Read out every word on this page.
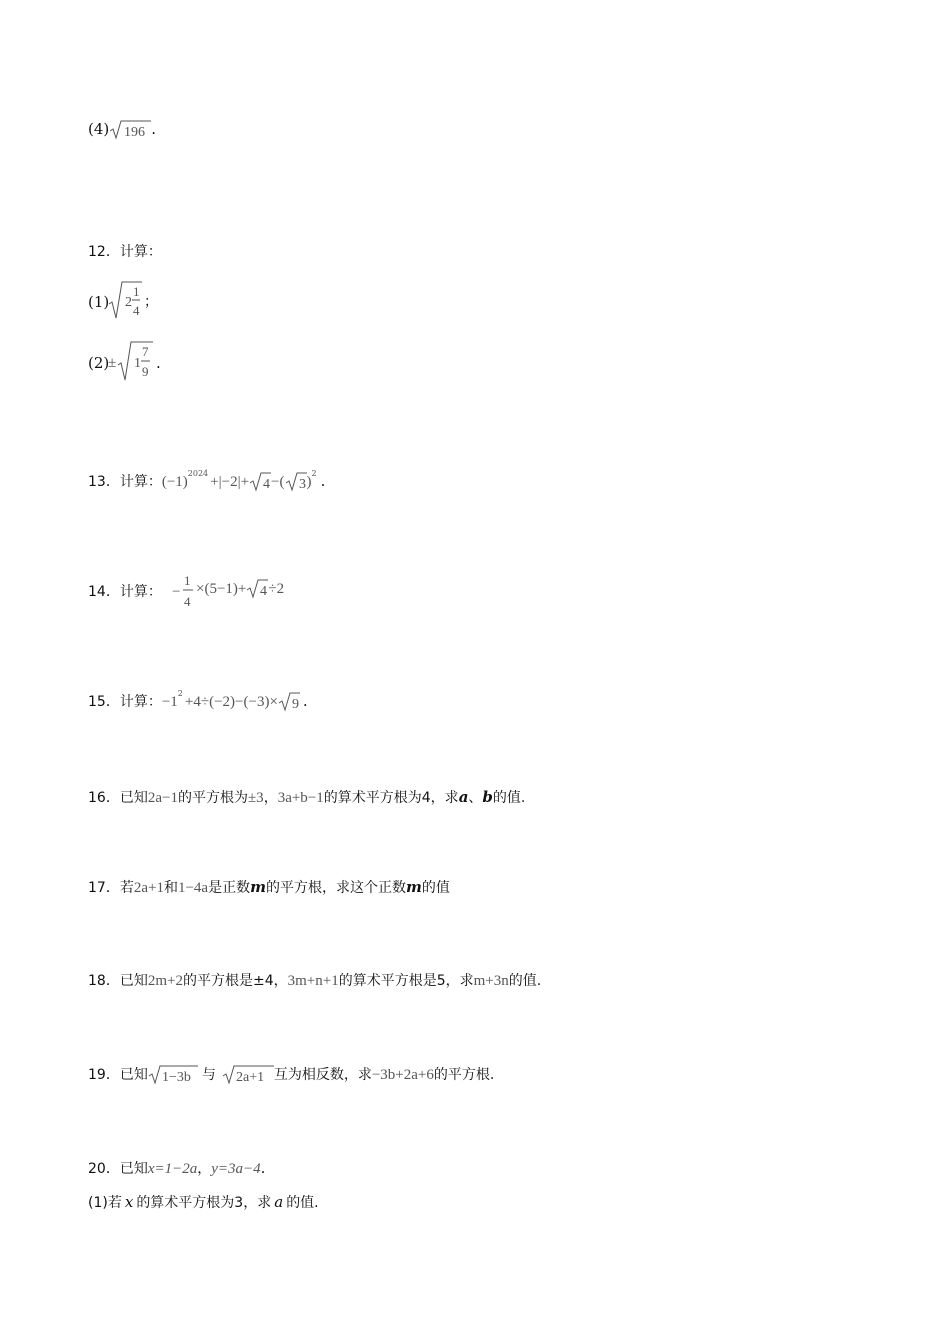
(4) 196 .
12．计算：
(1) 2
1
4
；
(2)
± 1
7
9 .
13．计算：$(-1)^{2024}+|-2|+ 4$ −( 3 )$^2$ .
14．计算： −
1
4
×(5−1)+ 4 ÷2
15．计算：$-1^2+4\div(-2)-(-3)\times 9$ .
16．已知2a−1的平方根为±3，3a+b−1的算术平方根为4，求a、b的值.
17．若2a+1和1−4a是正数m的平方根，求这个正数m的值
18．已知2m+2的平方根是±4，3m+n+1的算术平方根是5，求m+3n的值.
19．已知 1−3b 与 2a+1 互为相反数，求−3b+2a+6的平方根.
20．已知x=1−2a，y=3a−4.
(1)若 x 的算术平方根为3，求 a 的值.
